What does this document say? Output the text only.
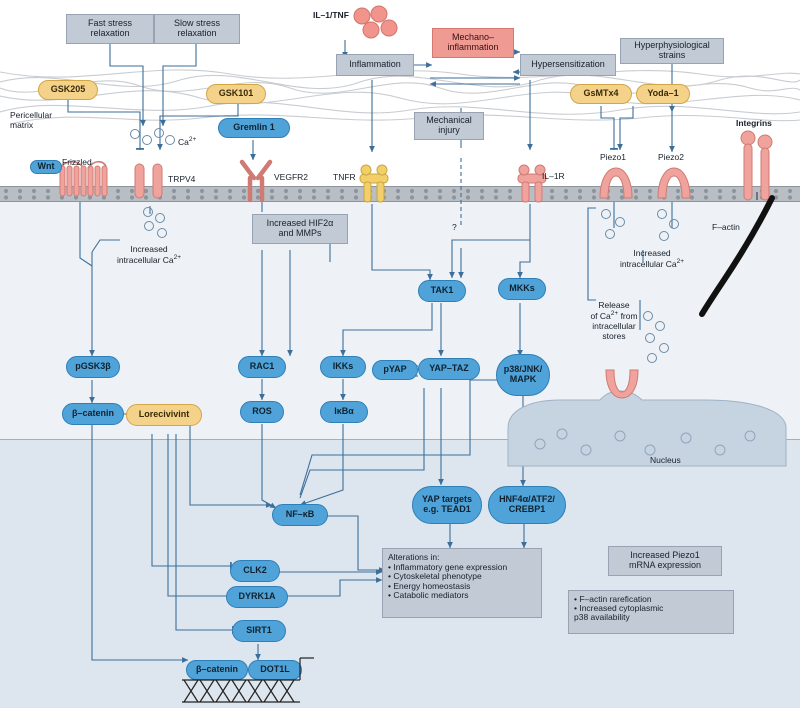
Wnt Frizzled
TRPV4	VEGFR2	TNFR	IL–1R
Piezo1	Piezo2
Integrins
F–actin
Nucleus
$Ca^{2+}$
Fast stress
relaxation
Slow stress
relaxation
IL–1/TNF
Inflammation
Mechano–
inflammation
Hypersensitization
Hyperphysiological
strains
Mechanical
injury
?
Pericellular
matrix
GSK205	GSK101	GsMTx4	Yoda–1
Gremlin 1
Lorecivivint
pGSK3β
β–catenin
RAC1
ROS
IKKs
IκBα
pYAP	YAP–TAZ
TAK1	MKKs
p38/JNK/
MAPK
NF–κB
YAP targets
e.g. TEAD1
HNF4α/ATF2/
CREBP1
CLK2
DYRK1A
SIRT1
β–catenin DOT1L
Increased HIF2α
and MMPs
Alterations in:
• Inflammatory gene expression
• Cytoskeletal phenotype
• Energy homeostasis
• Catabolic mediators
Increased Piezo1
mRNA expression
• F–actin rarefication
• Increased cytoplasmic
p38 availability
Increased
intracellular $Ca^{2+}$	Increased
intracellular $Ca^{2+}$
Release
of $Ca^{2+}$ from
intracellular
stores
